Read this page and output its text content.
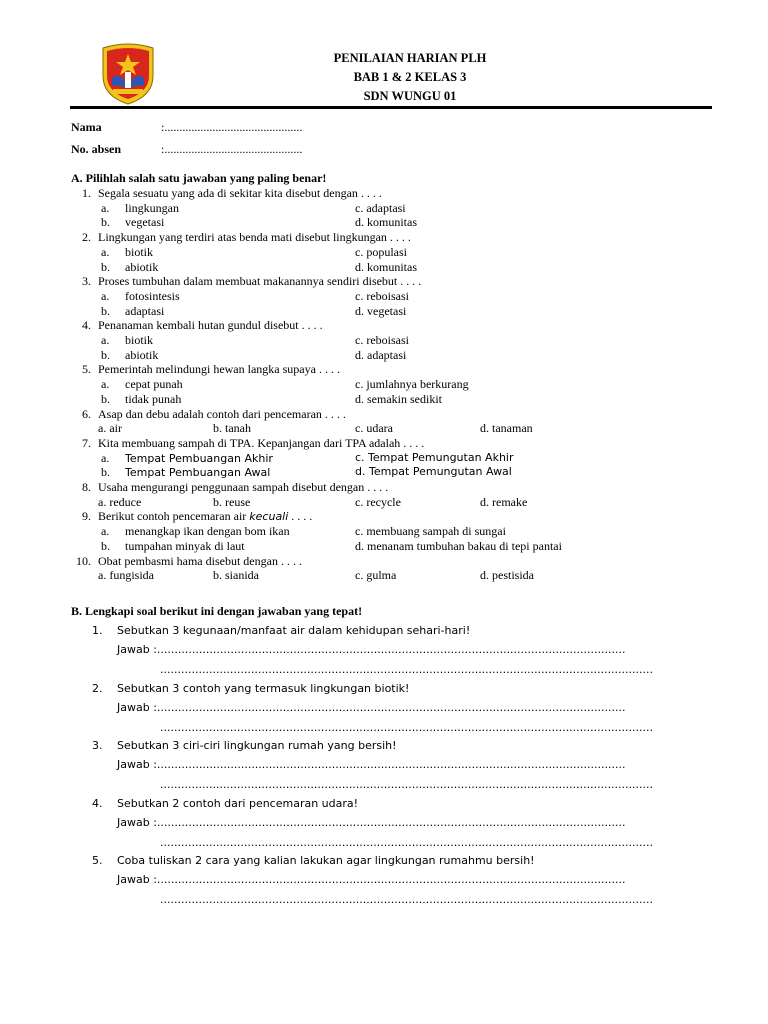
PENILAIAN HARIAN PLH
BAB 1 & 2 KELAS 3
SDN WUNGU 01
Nama	:..............................................
No. absen	:..............................................
A. Pilihlah salah satu jawaban yang paling benar!
1. Segala sesuatu yang ada di sekitar kita disebut dengan . . . .
a. lingkungan	c. adaptasi
b. vegetasi	d. komunitas
2. Lingkungan yang terdiri atas benda mati disebut lingkungan . . . .
a. biotik	c. populasi
b. abiotik	d. komunitas
3. Proses tumbuhan dalam membuat makanannya sendiri disebut . . . .
a. fotosintesis	c. reboisasi
b. adaptasi	d. vegetasi
4. Penanaman kembali hutan gundul disebut . . . .
a. biotik	c. reboisasi
b. abiotik	d. adaptasi
5. Pemerintah melindungi hewan langka supaya . . . .
a. cepat punah	c. jumlahnya berkurang
b. tidak punah	d. semakin sedikit
6. Asap dan debu adalah contoh dari pencemaran . . . .
a. air	b. tanah	c. udara	d. tanaman
7. Kita membuang sampah di TPA. Kepanjangan dari TPA adalah . . . .
a. Tempat Pembuangan Akhir	c. Tempat Pemungutan Akhir
b. Tempat Pembuangan Awal	d. Tempat Pemungutan Awal
8. Usaha mengurangi penggunaan sampah disebut dengan . . . .
a. reduce	b. reuse	c. recycle	d. remake
9. Berikut contoh pencemaran air kecuali . . . .
a. menangkap ikan dengan bom ikan	c. membuang sampah di sungai
b. tumpahan minyak di laut	d. menanam tumbuhan bakau di tepi pantai
10. Obat pembasmi hama disebut dengan . . . .
a. fungisida	b. sianida	c. gulma	d. pestisida
B. Lengkapi soal berikut ini dengan jawaban yang tepat!
1. Sebutkan 3 kegunaan/manfaat air dalam kehidupan sehari-hari!
Jawab :......................................................................................................................................
.............................................................................................................................................
2. Sebutkan 3 contoh yang termasuk lingkungan biotik!
Jawab :......................................................................................................................................
.............................................................................................................................................
3. Sebutkan 3 ciri-ciri lingkungan rumah yang bersih!
Jawab :......................................................................................................................................
.............................................................................................................................................
4. Sebutkan 2 contoh dari pencemaran udara!
Jawab :......................................................................................................................................
.............................................................................................................................................
5. Coba tuliskan 2 cara yang kalian lakukan agar lingkungan rumahmu bersih!
Jawab :......................................................................................................................................
.............................................................................................................................................
